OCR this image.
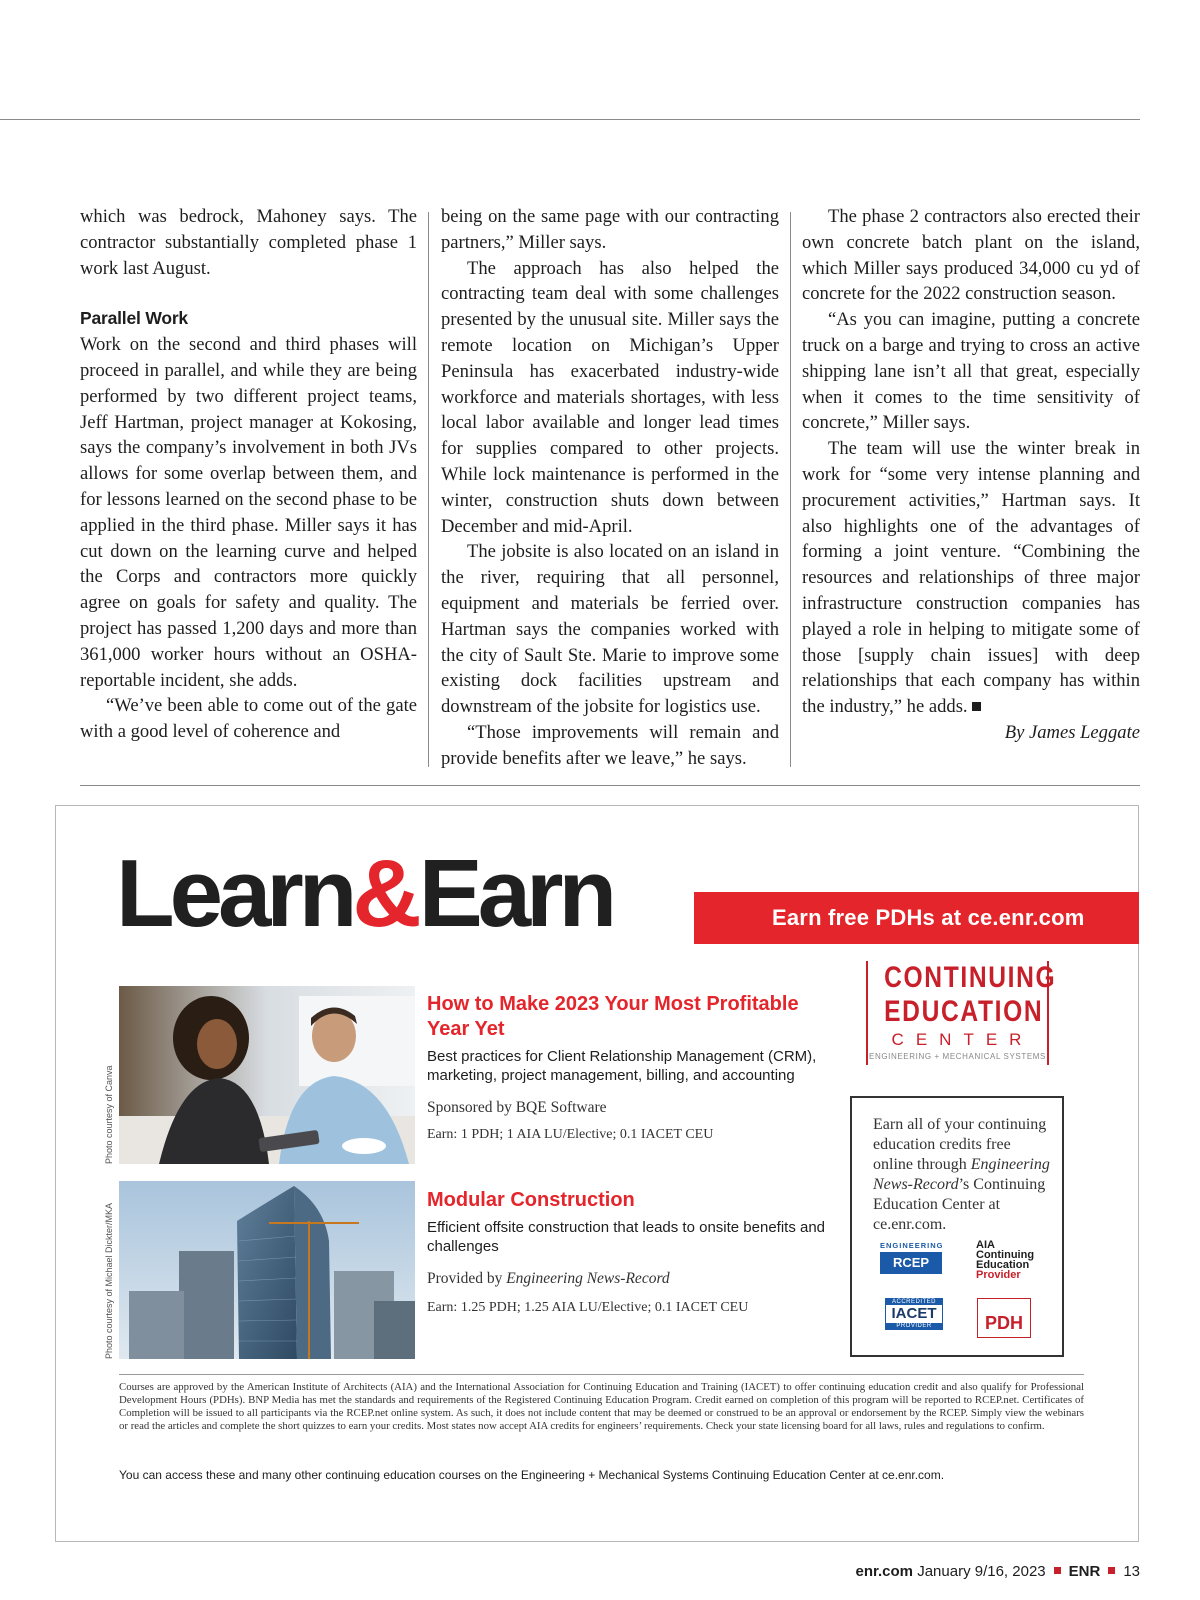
which was bedrock, Mahoney says. The contractor substantially completed phase 1 work last August.

Parallel Work

Work on the second and third phases will proceed in parallel, and while they are being performed by two different project teams, Jeff Hartman, project manager at Kokosing, says the company’s involvement in both JVs allows for some overlap between them, and for lessons learned on the second phase to be applied in the third phase. Miller says it has cut down on the learning curve and helped the Corps and contractors more quickly agree on goals for safety and quality. The project has passed 1,200 days and more than 361,000 worker hours without an OSHA-reportable incident, she adds.

“We’ve been able to come out of the gate with a good level of coherence and

being on the same page with our contracting partners,” Miller says.

The approach has also helped the contracting team deal with some challenges presented by the unusual site. Miller says the remote location on Michigan’s Upper Peninsula has exacerbated industry-wide workforce and materials shortages, with less local labor available and longer lead times for supplies compared to other projects. While lock maintenance is performed in the winter, construction shuts down between December and mid-April.

The jobsite is also located on an island in the river, requiring that all personnel, equipment and materials be ferried over. Hartman says the companies worked with the city of Sault Ste. Marie to improve some existing dock facilities upstream and downstream of the jobsite for logistics use.

“Those improvements will remain and provide benefits after we leave,” he says.

The phase 2 contractors also erected their own concrete batch plant on the island, which Miller says produced 34,000 cu yd of concrete for the 2022 construction season.

“As you can imagine, putting a concrete truck on a barge and trying to cross an active shipping lane isn’t all that great, especially when it comes to the time sensitivity of concrete,” Miller says.

The team will use the winter break in work for “some very intense planning and procurement activities,” Hartman says. It also highlights one of the advantages of forming a joint venture. “Combining the resources and relationships of three major infrastructure construction companies has played a role in helping to mitigate some of those [supply chain issues] with deep relationships that each company has within the industry,” he adds.

By James Leggate

Learn&Earn	Earn free PDHs at ce.enr.com
Photo courtesy of Canva

How to Make 2023 Your Most Profitable Year Yet

Best practices for Client Relationship Management (CRM), marketing, project management, billing, and accounting

Sponsored by BQE Software

Earn: 1 PDH; 1 AIA LU/Elective; 0.1 IACET CEU

Photo courtesy of Michael Dickter/MKA

Modular Construction

Efficient offsite construction that leads to onsite benefits and challenges

Provided by Engineering News-Record

Earn: 1.25 PDH; 1.25 AIA LU/Elective; 0.1 IACET CEU

CONTINUING
EDUCATION
CENTER
ENGINEERING + MECHANICAL SYSTEMS
Earn all of your continuing education credits free online through Engineering News-Record’s Continuing Education Center at ce.enr.com.
ENGINEERING
RCEP
AIA
Continuing
Education
Provider
ACCREDITED
IACET
PROVIDER	PDH
Courses are approved by the American Institute of Architects (AIA) and the International Association for Continuing Education and Training (IACET) to offer continuing education credit and also qualify for Professional Development Hours (PDHs). BNP Media has met the standards and requirements of the Registered Continuing Education Program. Credit earned on completion of this program will be reported to RCEP.net. Certificates of Completion will be issued to all participants via the RCEP.net online system. As such, it does not include content that may be deemed or construed to be an approval or endorsement by the RCEP. Simply view the webinars or read the articles and complete the short quizzes to earn your credits. Most states now accept AIA credits for engineers’ requirements. Check your state licensing board for all laws, rules and regulations to confirm.
You can access these and many other continuing education courses on the Engineering + Mechanical Systems Continuing Education Center at ce.enr.com.
enr.com January 9/16, 2023 ENR 13
